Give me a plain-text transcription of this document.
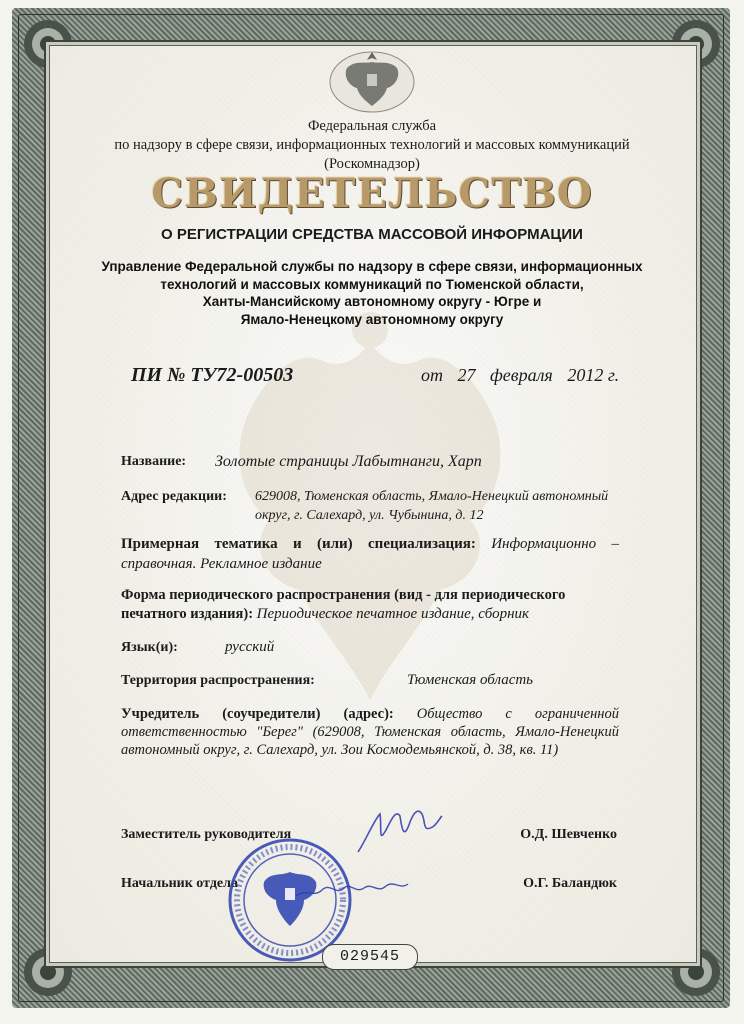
Федеральная служба
по надзору в сфере связи, информационных технологий и массовых коммуникаций
(Роскомнадзор)
СВИДЕТЕЛЬСТВО
О РЕГИСТРАЦИИ СРЕДСТВА МАССОВОЙ ИНФОРМАЦИИ
Управление Федеральной службы по надзору в сфере связи, информационных
технологий и массовых коммуникаций по Тюменской области,
Ханты-Мансийскому автономному округу - Югре и
Ямало-Ненецкому автономному округу
ПИ № ТУ72-00503	от 27 февраля 2012 г.
Название: Золотые страницы Лабытнанги, Харп
Адрес редакции: 629008, Тюменская область, Ямало-Ненецкий автономный
округ, г. Салехард, ул. Чубынина, д. 12
Примерная тематика и (или) специализация: Информационно – справочная. Рекламное издание
Форма периодического распространения (вид - для периодического печатного издания): Периодическое печатное издание, сборник
Язык(и):	русский
Территория распространения:	Тюменская область
Учредитель (соучредители) (адрес): Общество с ограниченной ответственностью "Берег" (629008, Тюменская область, Ямало-Ненецкий автономный округ, г. Салехард, ул. Зои Космодемьянской, д. 38, кв. 11)
Заместитель руководителя	О.Д. Шевченко
Начальник отдела	О.Г. Баландюк
029545
